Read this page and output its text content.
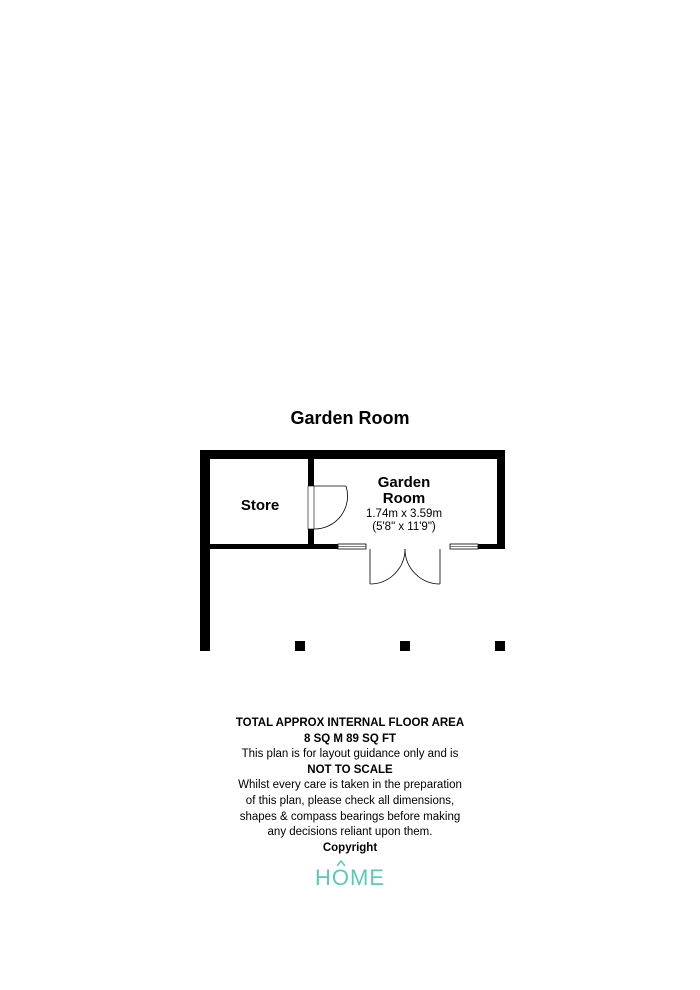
Garden Room
Store
Garden
Room
1.74m x 3.59m
(5'8" x 11'9")
TOTAL APPROX INTERNAL FLOOR AREA
8 SQ M 89 SQ FT
This plan is for layout guidance only and is
NOT TO SCALE
Whilst every care is taken in the preparation
of this plan, please check all dimensions,
shapes & compass bearings before making
any decisions reliant upon them.
Copyright
HO
ME
